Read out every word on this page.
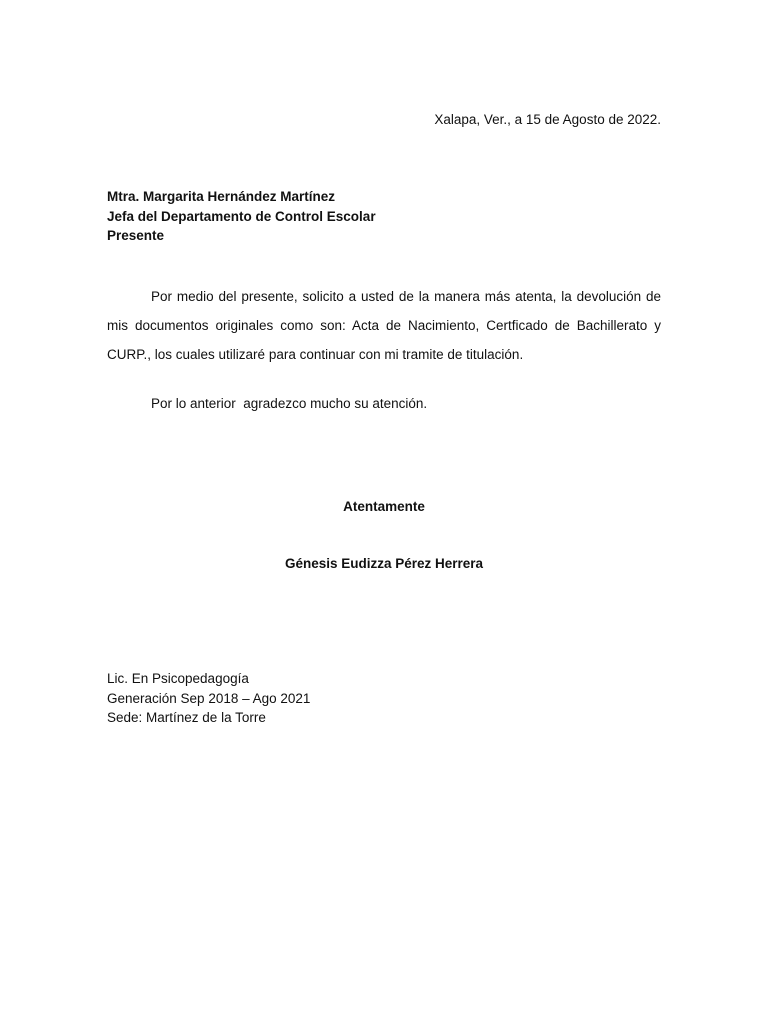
Xalapa, Ver., a 15 de Agosto de 2022.
Mtra. Margarita Hernández Martínez
Jefa del Departamento de Control Escolar
Presente

Por medio del presente, solicito a usted de la manera más atenta, la devolución de mis documentos originales como son: Acta de Nacimiento, Certficado de Bachillerato y CURP., los cuales utilizaré para continuar con mi tramite de titulación.

Por lo anterior  agradezco mucho su atención.
Atentamente
Génesis Eudizza Pérez Herrera
Lic. En Psicopedagogía
Generación Sep 2018 – Ago 2021
Sede: Martínez de la Torre
